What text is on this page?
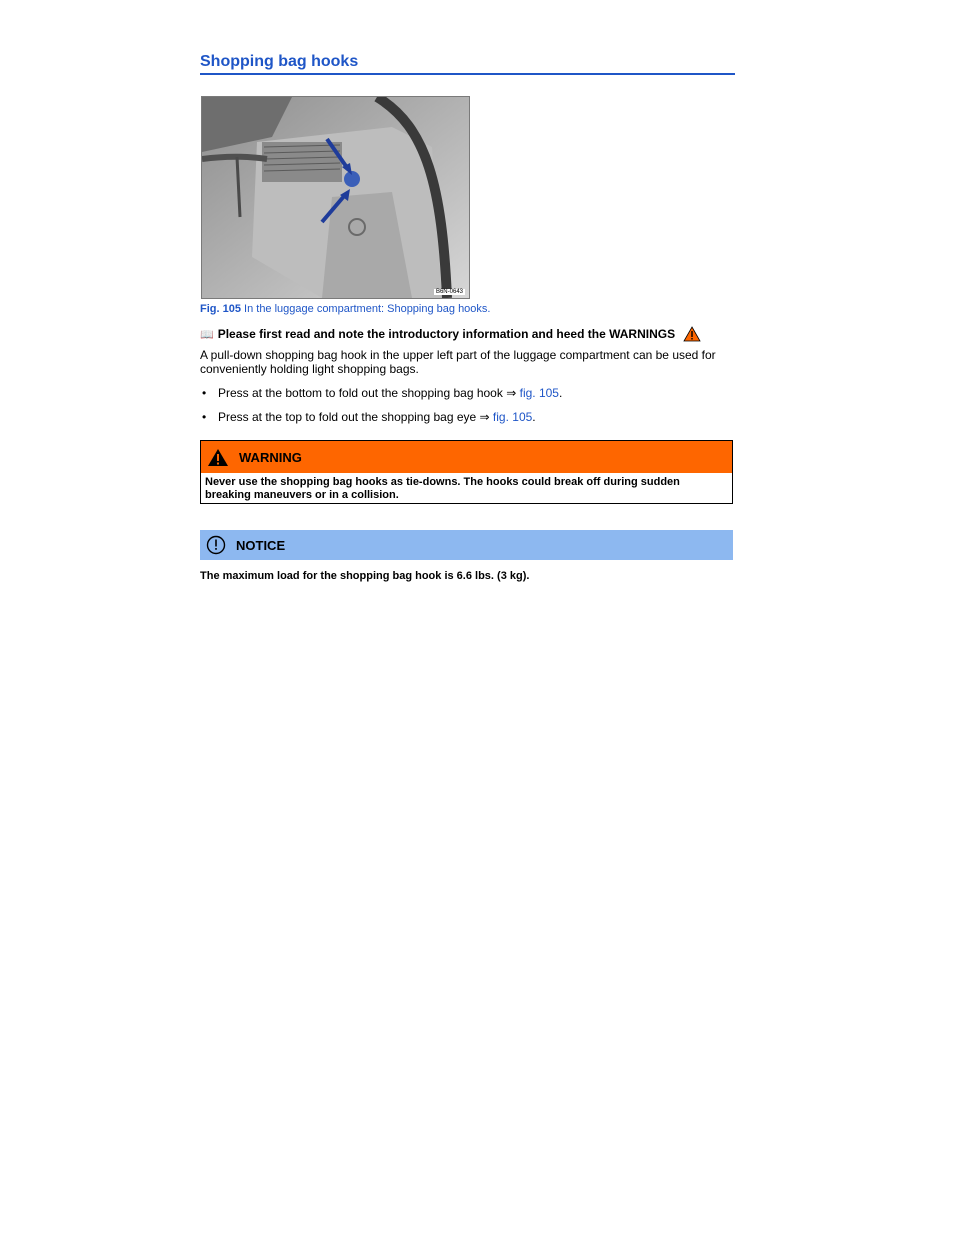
Shopping bag hooks
B6N-0643
Fig. 105 In the luggage compartment: Shopping bag hooks.
📖 Please first read and note the introductory information and heed the WARNINGS
A pull-down shopping bag hook in the upper left part of the luggage compartment can be used for conveniently holding light shopping bags.
• Press at the bottom to fold out the shopping bag hook ⇒ fig. 105.
• Press at the top to fold out the shopping bag eye ⇒ fig. 105.
WARNING
Never use the shopping bag hooks as tie-downs. The hooks could break off during sudden breaking maneuvers or in a collision.
NOTICE
The maximum load for the shopping bag hook is 6.6 lbs. (3 kg).
